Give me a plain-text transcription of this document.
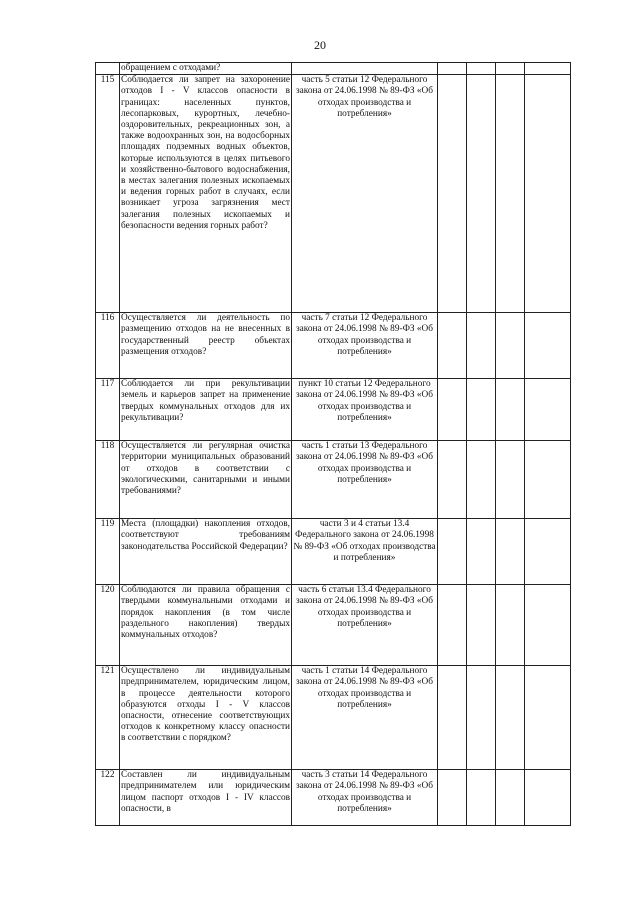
20
	обращением с отходами?					
115	Соблюдается ли запрет на захоронение отходов I - V классов опасности в границах: населенных пунктов, лесопарковых, курортных, лечебно-оздоровительных, рекреационных зон, а также водоохранных зон, на водосборных площадях подземных водных объектов, которые используются в целях питьевого и хозяйственно-бытового водоснабжения, в местах залегания полезных ископаемых и ведения горных работ в случаях, если возникает угроза загрязнения мест залегания полезных ископаемых и безопасности ведения горных работ?	часть 5 статьи 12 Федерального закона от 24.06.1998 № 89-ФЗ «Об отходах производства и потребления»				
116	Осуществляется ли деятельность по размещению отходов на не внесенных в государственный реестр объектах размещения отходов?	часть 7 статьи 12 Федерального закона от 24.06.1998 № 89-ФЗ «Об отходах производства и потребления»				
117	Соблюдается ли при рекультивации земель и карьеров запрет на применение твердых коммунальных отходов для их рекультивации?	пункт 10 статьи 12 Федерального закона от 24.06.1998 № 89-ФЗ «Об отходах производства и потребления»				
118	Осуществляется ли регулярная очистка территории муниципальных образований от отходов в соответствии с экологическими, санитарными и иными требованиями?	часть 1 статьи 13 Федерального закона от 24.06.1998 № 89-ФЗ «Об отходах производства и потребления»				
119	Места (площадки) накопления отходов, соответствуют требованиям законодательства Российской Федерации?	части 3 и 4 статьи 13.4 Федерального закона от 24.06.1998 № 89-ФЗ «Об отходах производства и потребления»				
120	Соблюдаются ли правила обращения с твердыми коммунальными отходами и порядок накопления (в том числе раздельного накопления) твердых коммунальных отходов?	часть 6 статьи 13.4 Федерального закона от 24.06.1998 № 89-ФЗ «Об отходах производства и потребления»				
121	Осуществлено ли индивидуальным предпринимателем, юридическим лицом, в процессе деятельности которого образуются отходы I - V классов опасности, отнесение соответствующих отходов к конкретному классу опасности в соответствии с порядком?	часть 1 статьи 14 Федерального закона от 24.06.1998 № 89-ФЗ «Об отходах производства и потребления»				
122	Составлен ли индивидуальным предпринимателем или юридическим лицом паспорт отходов I - IV классов опасности, в	часть 3 статьи 14 Федерального закона от 24.06.1998 № 89-ФЗ «Об отходах производства и потребления»				
